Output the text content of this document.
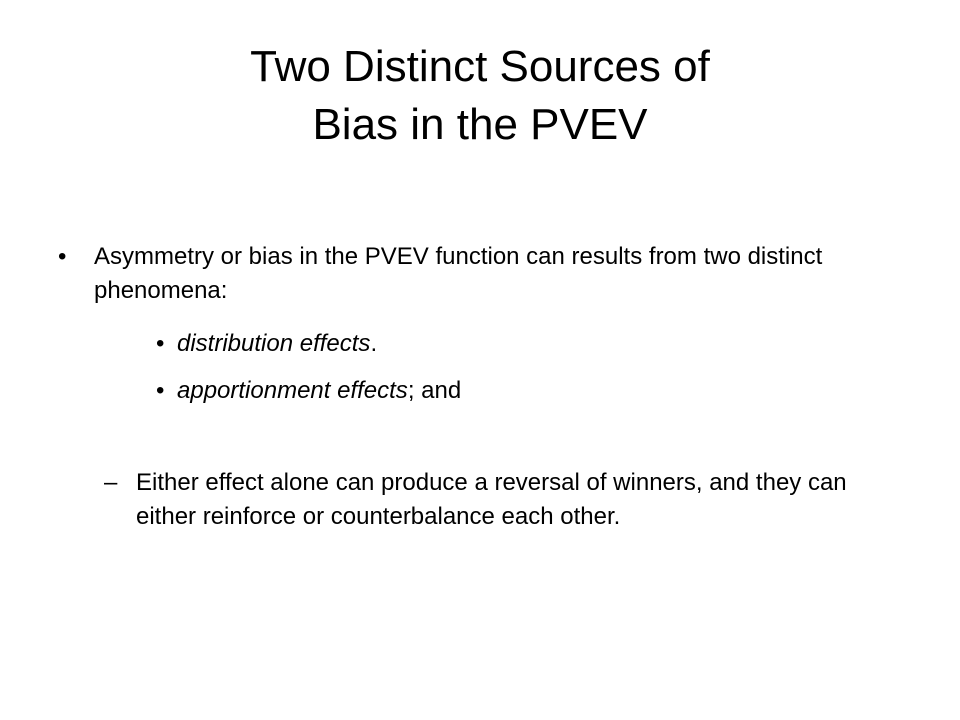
Two Distinct Sources of
Bias in the PVEV
•	Asymmetry or bias in the PVEV function can results from two distinct phenomena:
• distribution effects.
• apportionment effects; and
– Either effect alone can produce a reversal of winners, and they can either reinforce or counterbalance each other.
